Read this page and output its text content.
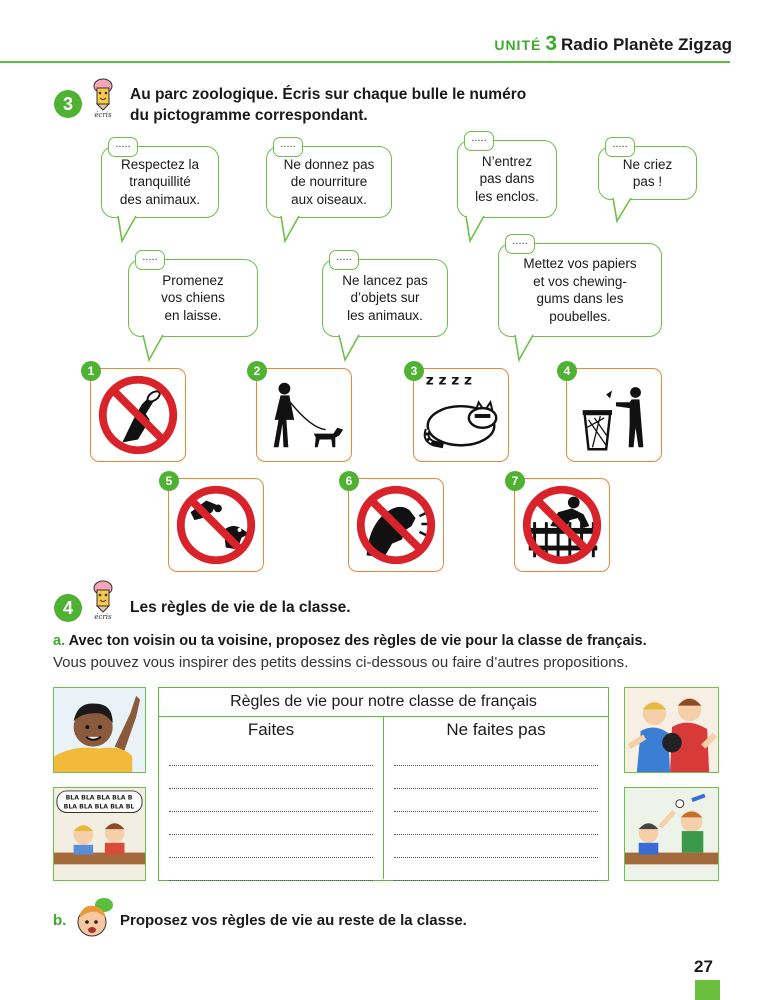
UNITÉ 3 Radio Planète Zigzag
3
écris
Au parc zoologique. Écris sur chaque bulle le numéro
du pictogramme correspondant.
.....
Respectez la
tranquillité
des animaux.
.....
Ne donnez pas
de nourriture
aux oiseaux.
.....
N’entrez
pas dans
les enclos.
.....
Ne criez
pas !
.....
Promenez
vos chiens
en laisse.
.....
Ne lancez pas
d’objets sur
les animaux.
.....
Mettez vos papiers
et vos chewing-
gums dans les
poubelles.
1	2	3
z z z z
4
5	6	7
4	écris
Les règles de vie de la classe.
a. Avec ton voisin ou ta voisine, proposez des règles de vie pour la classe de français.
Vous pouvez vous inspirer des petits dessins ci-dessous ou faire d’autres propositions.
BLA BLA BLA BLA B
BLA BLA BLA BLA BL
Règles de vie pour notre classe de français
Faites	Ne faites pas
b.	Proposez vos règles de vie au reste de la classe.
27
